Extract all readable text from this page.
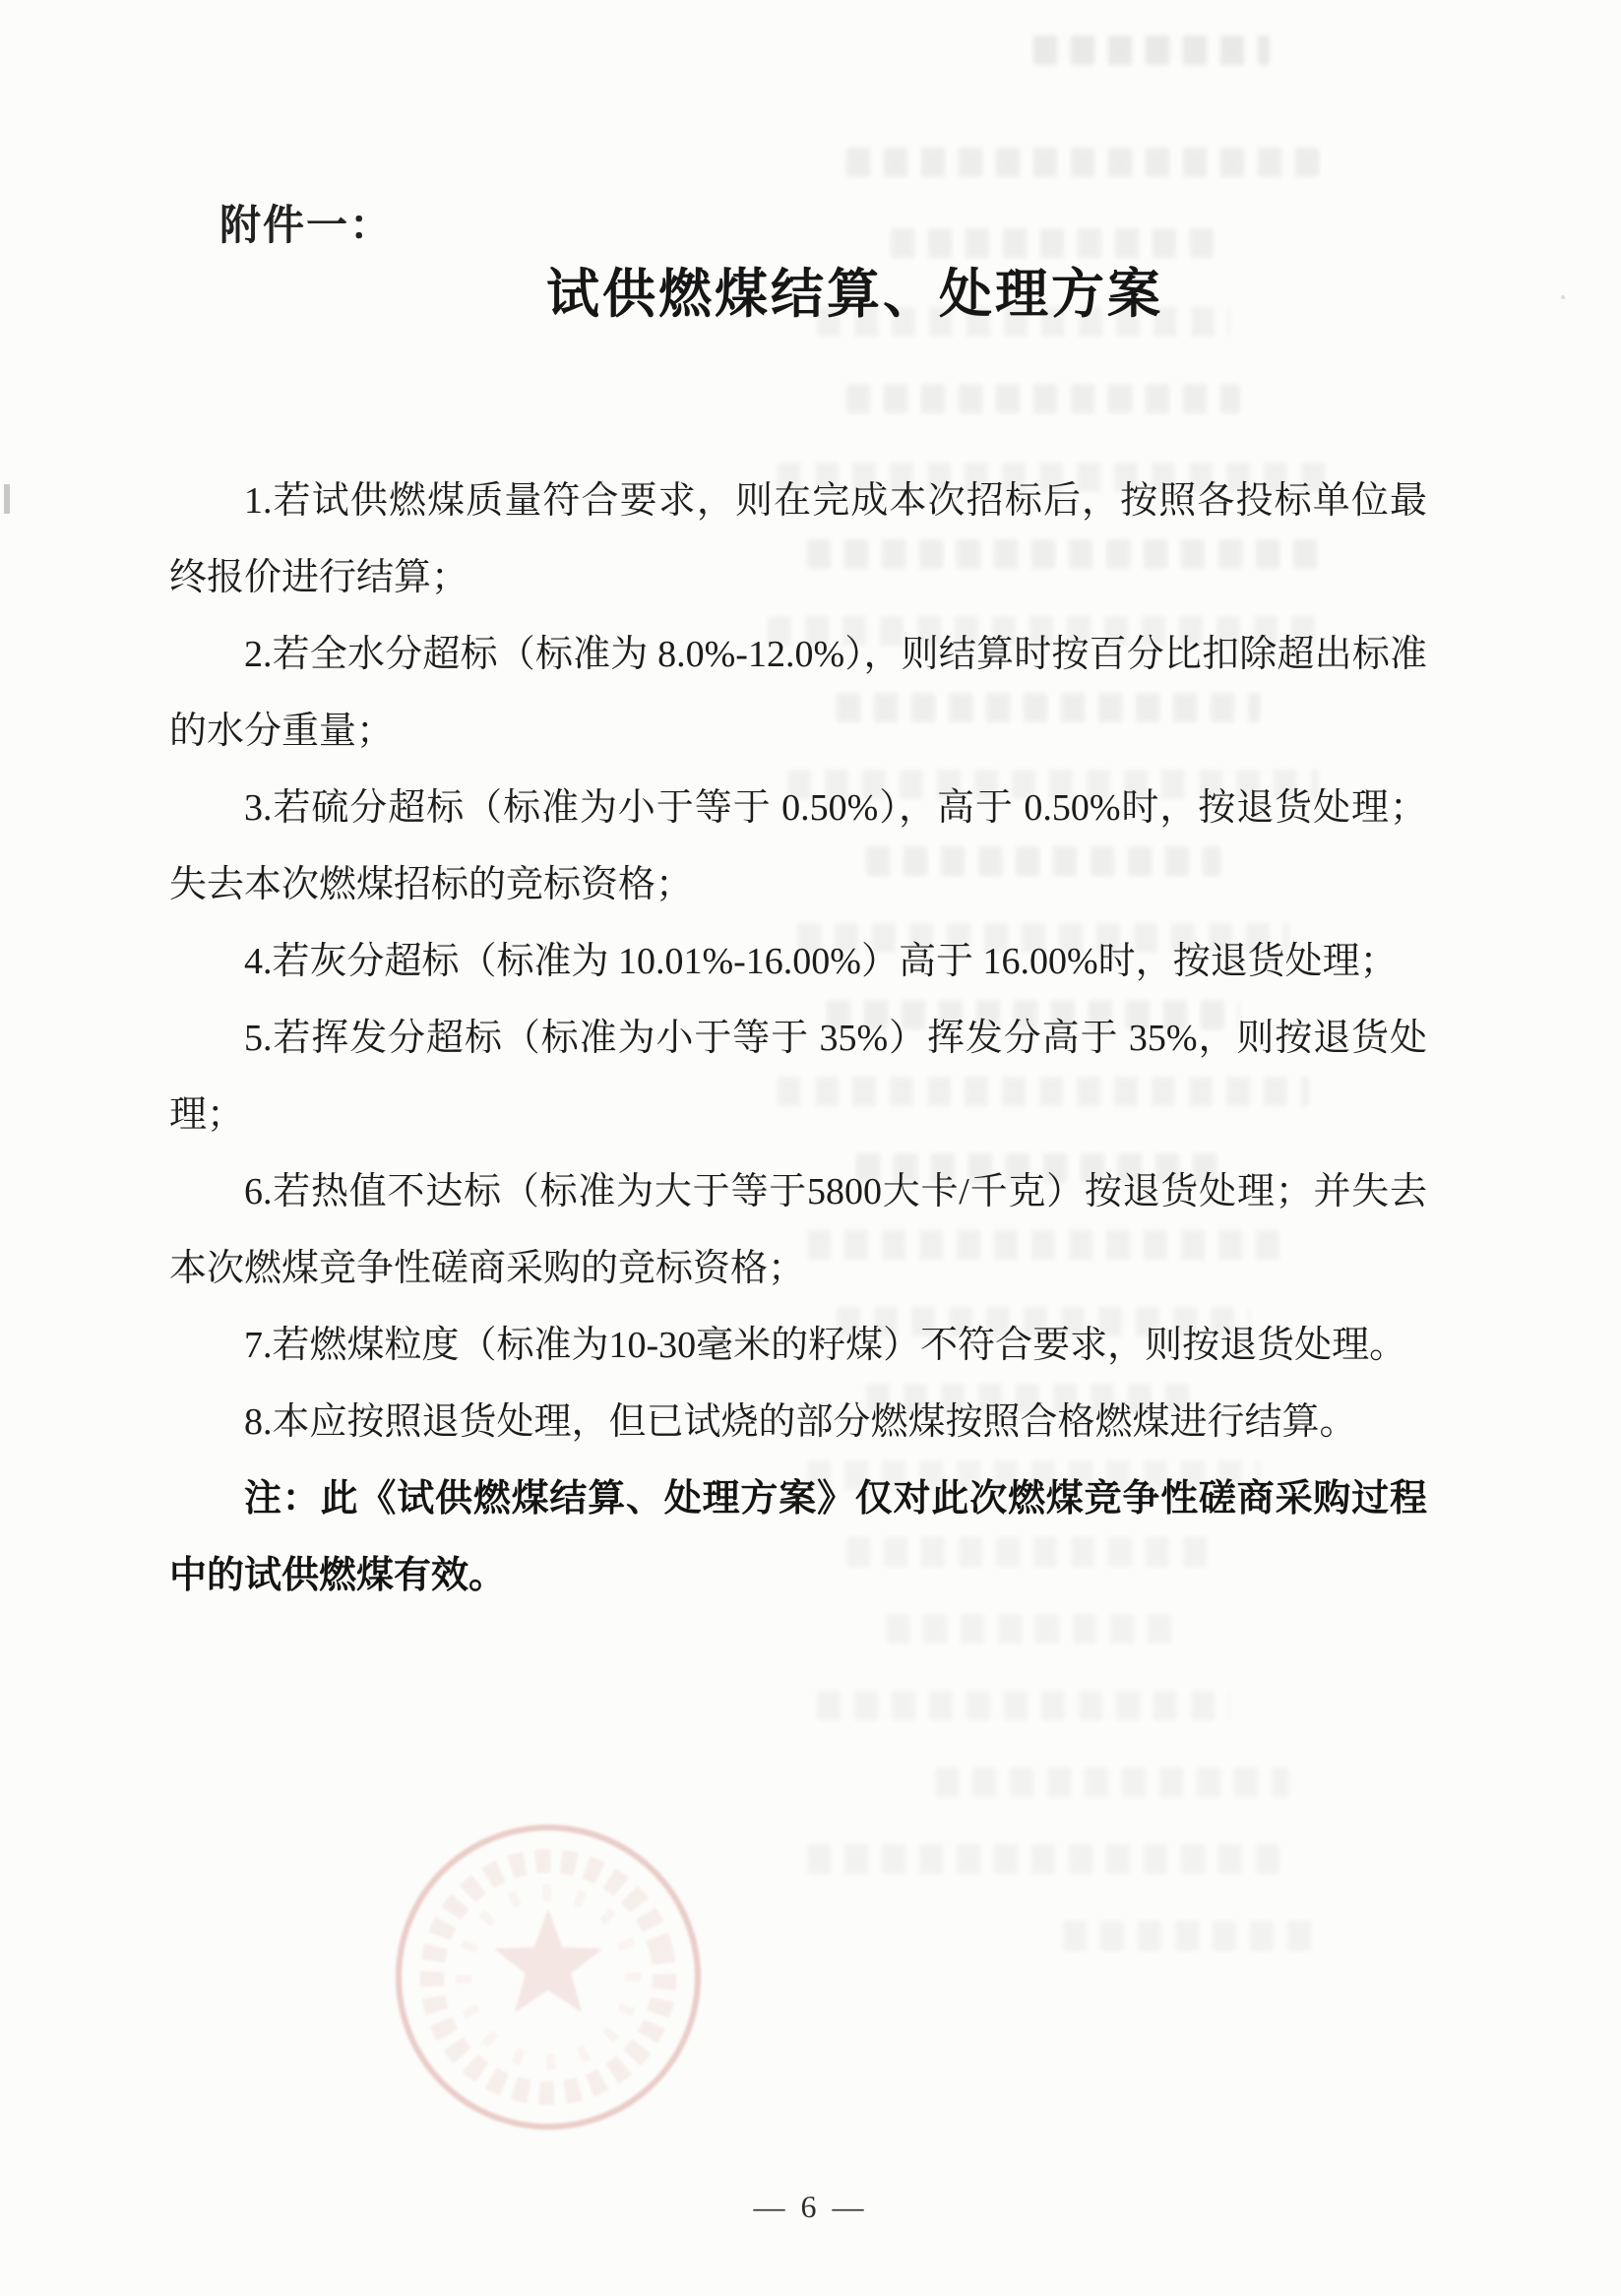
附件一：
试供燃煤结算、处理方案

1.若试供燃煤质量符合要求，则在完成本次招标后，按照各投标单位最终报价进行结算；

2.若全水分超标（标准为 8.0%-12.0%），则结算时按百分比扣除超出标准的水分重量；

3.若硫分超标（标准为小于等于 0.50%），高于 0.50%时，按退货处理；失去本次燃煤招标的竞标资格；

4.若灰分超标（标准为 10.01%-16.00%）高于 16.00%时，按退货处理；

5.若挥发分超标（标准为小于等于 35%）挥发分高于 35%，则按退货处理；

6.若热值不达标（标准为大于等于5800大卡/千克）按退货处理；并失去本次燃煤竞争性磋商采购的竞标资格；

7.若燃煤粒度（标准为10-30毫米的籽煤）不符合要求，则按退货处理。

8.本应按照退货处理，但已试烧的部分燃煤按照合格燃煤进行结算。

注：此《试供燃煤结算、处理方案》仅对此次燃煤竞争性磋商采购过程中的试供燃煤有效。

— 6 —
